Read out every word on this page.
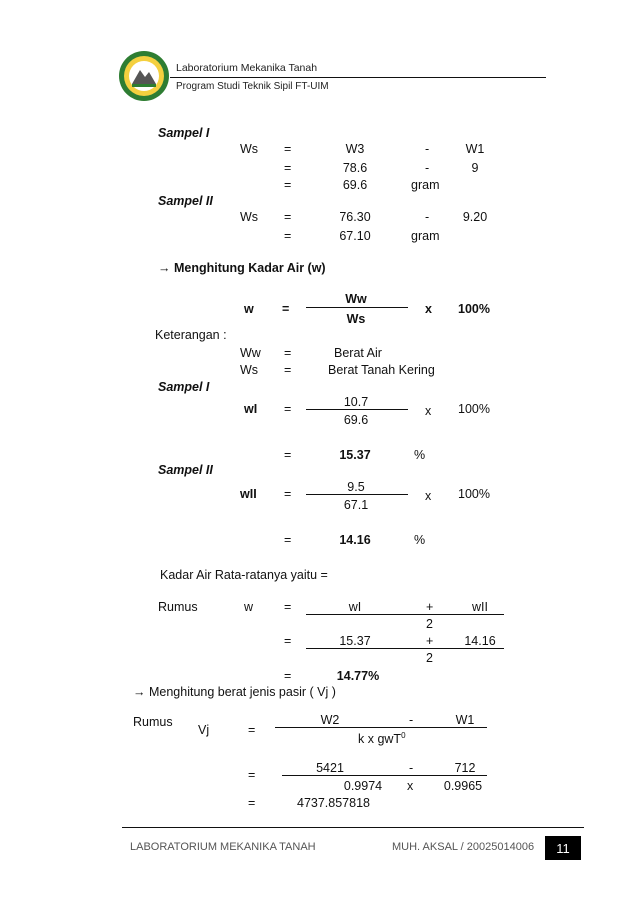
Laboratorium Mekanika Tanah
Program Studi Teknik Sipil FT-UIM
Sampel I
Ws =	W3	-	W1
=	78.6	-	9
=	69.6	gram
Sampel II
Ws =	76.30	-	9.20
=	67.10	gram
→ Menghitung Kadar Air (w)
w =
Ww
Ws
x 100%
Keterangan :
Ww =	Berat Air
Ws =	Berat Tanah Kering
Sampel I
wI =	10.7
69.6
x 100%
=	15.37	%
Sampel II
wII =	9.5
67.1
x 100%
=	14.16	%
Kadar Air Rata-ratanya yaitu =
Rumus	w =	wI	+	wII
2
=	15.37	+	14.16
2
=	14.77%
→ Menghitung berat jenis pasir ( Vj )
Rumus
Vj	=
W2	-	W1
k x gwT$^0$
=	5421	-	712
0.9974	x	0.9965
=	4737.857818
LABORATORIUM MEKANIKA TANAH	MUH. AKSAL / 20025014006	11
